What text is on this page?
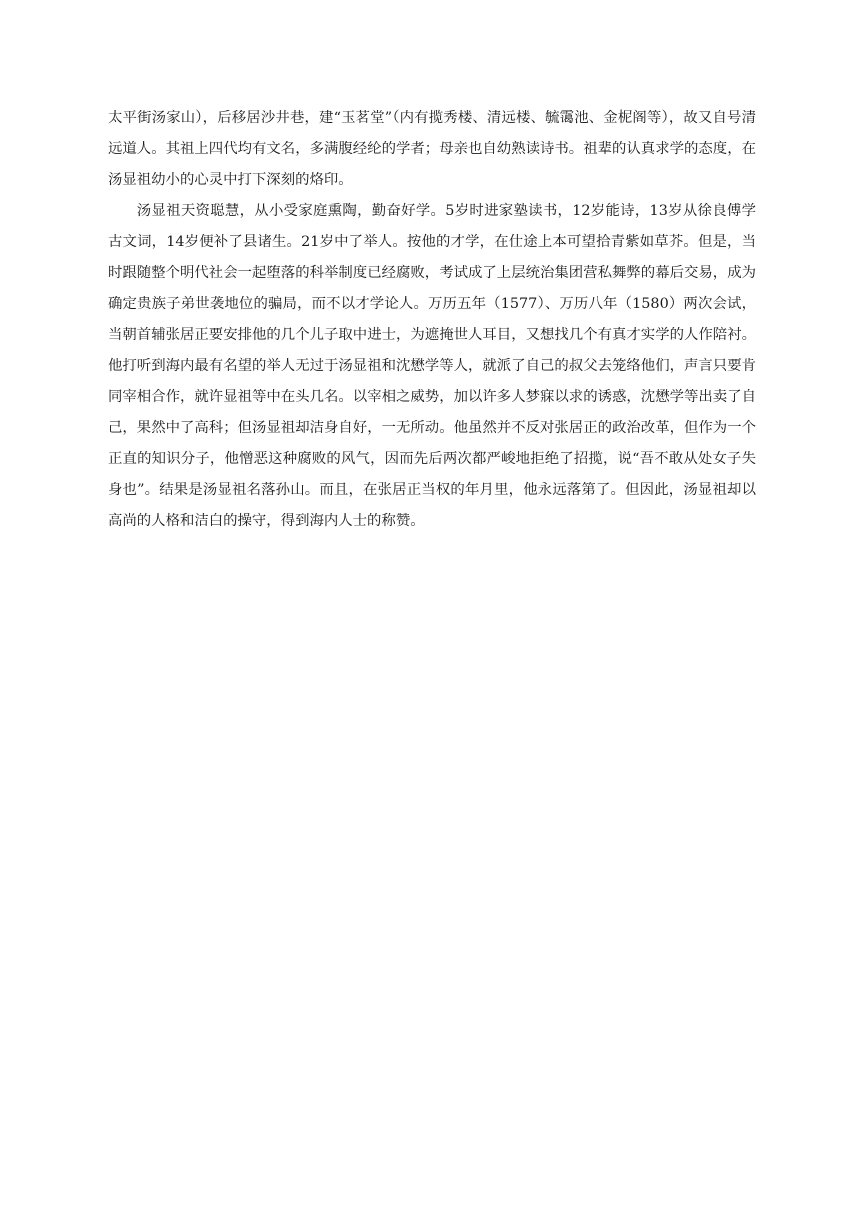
太平街汤家山），后移居沙井巷，建“玉茗堂”（内有揽秀楼、清远楼、毓霭池、金柅阁等），故又自号清远道人。其祖上四代均有文名，多满腹经纶的学者；母亲也自幼熟读诗书。祖辈的认真求学的态度，在汤显祖幼小的心灵中打下深刻的烙印。

汤显祖天资聪慧，从小受家庭熏陶，勤奋好学。5岁时进家塾读书，12岁能诗，13岁从徐良傅学古文词，14岁便补了县诸生。21岁中了举人。按他的才学，在仕途上本可望拾青紫如草芥。但是，当时跟随整个明代社会一起堕落的科举制度已经腐败，考试成了上层统治集团营私舞弊的幕后交易，成为确定贵族子弟世袭地位的骗局，而不以才学论人。万历五年（1577）、万历八年（1580）两次会试，当朝首辅张居正要安排他的几个儿子取中进士，为遮掩世人耳目，又想找几个有真才实学的人作陪衬。他打听到海内最有名望的举人无过于汤显祖和沈懋学等人，就派了自己的叔父去笼络他们，声言只要肯同宰相合作，就许显祖等中在头几名。以宰相之威势，加以许多人梦寐以求的诱惑，沈懋学等出卖了自己，果然中了高科；但汤显祖却洁身自好，一无所动。他虽然并不反对张居正的政治改革，但作为一个正直的知识分子，他憎恶这种腐败的风气，因而先后两次都严峻地拒绝了招揽，说“吾不敢从处女子失身也”。结果是汤显祖名落孙山。而且，在张居正当权的年月里，他永远落第了。但因此，汤显祖却以高尚的人格和洁白的操守，得到海内人士的称赞。
